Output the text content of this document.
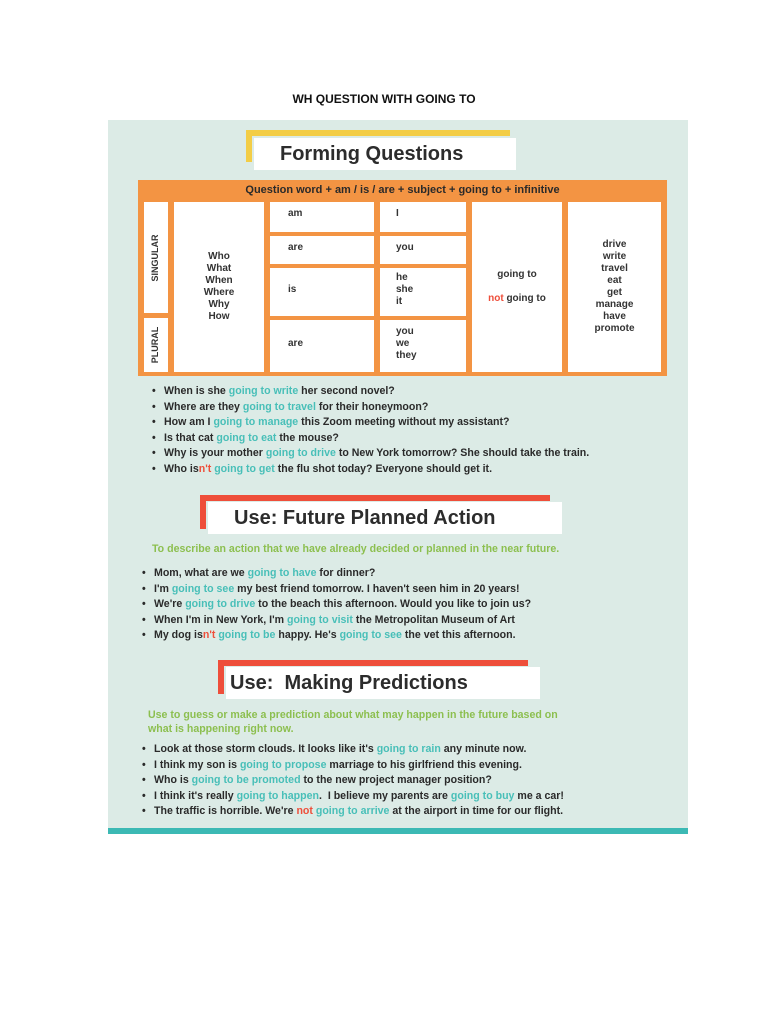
WH QUESTION WITH GOING TO
Forming Questions
Question word + am / is / are + subject + going to + infinitive
SINGULAR
PLURAL
Who
What
When
Where
Why
How
am
are
is
are
I
you
he
she
it
you
we
they
going to
not going to
drive
write
travel
eat
get
manage
have
promote
• When is she going to write her second novel?
• Where are they going to travel for their honeymoon?
• How am I going to manage this Zoom meeting without my assistant?
• Is that cat going to eat the mouse?
• Why is your mother going to drive to New York tomorrow? She should take the train.
• Who isn't going to get the flu shot today? Everyone should get it.
Use: Future Planned Action
To describe an action that we have already decided or planned in the near future.
• Mom, what are we going to have for dinner?
• I'm going to see my best friend tomorrow. I haven't seen him in 20 years!
• We're going to drive to the beach this afternoon. Would you like to join us?
• When I'm in New York, I'm going to visit the Metropolitan Museum of Art
• My dog isn't going to be happy. He's going to see the vet this afternoon.
Use:  Making Predictions
Use to guess or make a prediction about what may happen in the future based on
what is happening right now.
• Look at those storm clouds. It looks like it's going to rain any minute now.
• I think my son is going to propose marriage to his girlfriend this evening.
• Who is going to be promoted to the new project manager position?
• I think it's really going to happen.  I believe my parents are going to buy me a car!
• The traffic is horrible. We're not going to arrive at the airport in time for our flight.
